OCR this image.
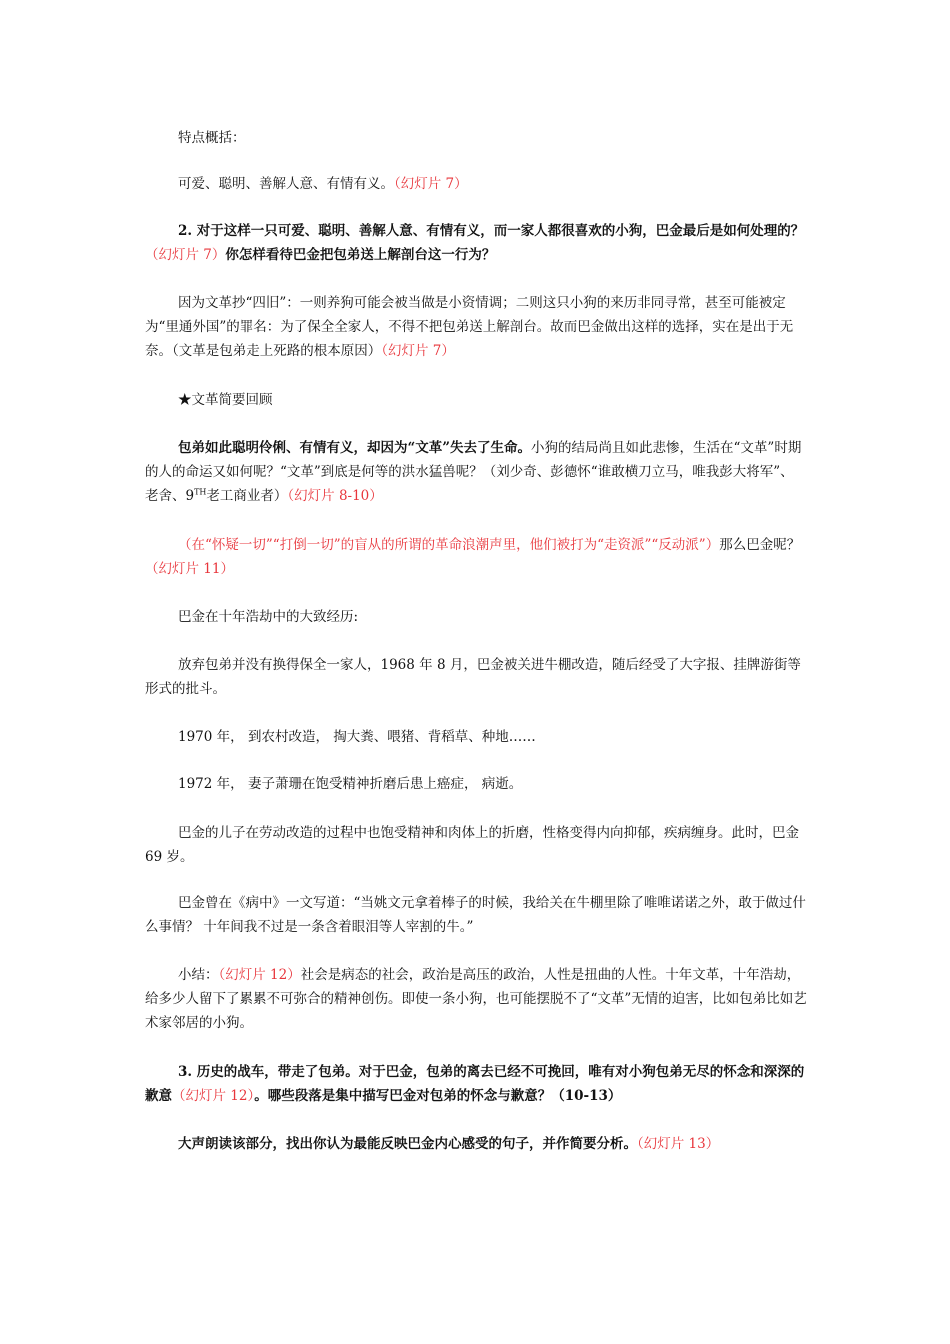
特点概括：

可爱、聪明、善解人意、有情有义。（幻灯片 7）

2. 对于这样一只可爱、聪明、善解人意、有情有义，而一家人都很喜欢的小狗，巴金最后是如何处理的？（幻灯片 7）你怎样看待巴金把包弟送上解剖台这一行为？

因为文革抄“四旧”：一则养狗可能会被当做是小资情调；二则这只小狗的来历非同寻常，甚至可能被定为“里通外国”的罪名：为了保全全家人，不得不把包弟送上解剖台。故而巴金做出这样的选择，实在是出于无奈。（文革是包弟走上死路的根本原因）（幻灯片 7）

★文革简要回顾

包弟如此聪明伶俐、有情有义，却因为“文革”失去了生命。小狗的结局尚且如此悲惨，生活在“文革”时期的人的命运又如何呢？“文革”到底是何等的洪水猛兽呢？（刘少奇、彭德怀“谁敢横刀立马，唯我彭大将军”、老舍、9TH老工商业者）（幻灯片 8-10）

（在“怀疑一切”“打倒一切”的盲从的所谓的革命浪潮声里，他们被打为“走资派”“反动派”）那么巴金呢？（幻灯片 11）

巴金在十年浩劫中的大致经历:

放弃包弟并没有换得保全一家人，1968 年 8 月，巴金被关进牛棚改造，随后经受了大字报、挂牌游街等形式的批斗。

1970 年， 到农村改造， 掏大粪、喂猪、背稻草、种地……

1972 年， 妻子萧珊在饱受精神折磨后患上癌症， 病逝。

巴金的儿子在劳动改造的过程中也饱受精神和肉体上的折磨，性格变得内向抑郁，疾病缠身。此时，巴金 69 岁。

巴金曾在《病中》一文写道：“当姚文元拿着棒子的时候，我给关在牛棚里除了唯唯诺诺之外，敢于做过什么事情？ 十年间我不过是一条含着眼泪等人宰割的牛。”

小结：（幻灯片 12）社会是病态的社会，政治是高压的政治，人性是扭曲的人性。十年文革，十年浩劫，给多少人留下了累累不可弥合的精神创伤。即使一条小狗，也可能摆脱不了“文革”无情的迫害，比如包弟比如艺术家邻居的小狗。

3. 历史的战车，带走了包弟。对于巴金，包弟的离去已经不可挽回，唯有对小狗包弟无尽的怀念和深深的歉意（幻灯片 12）。哪些段落是集中描写巴金对包弟的怀念与歉意？（10-13）

大声朗读该部分，找出你认为最能反映巴金内心感受的句子，并作简要分析。（幻灯片 13）
